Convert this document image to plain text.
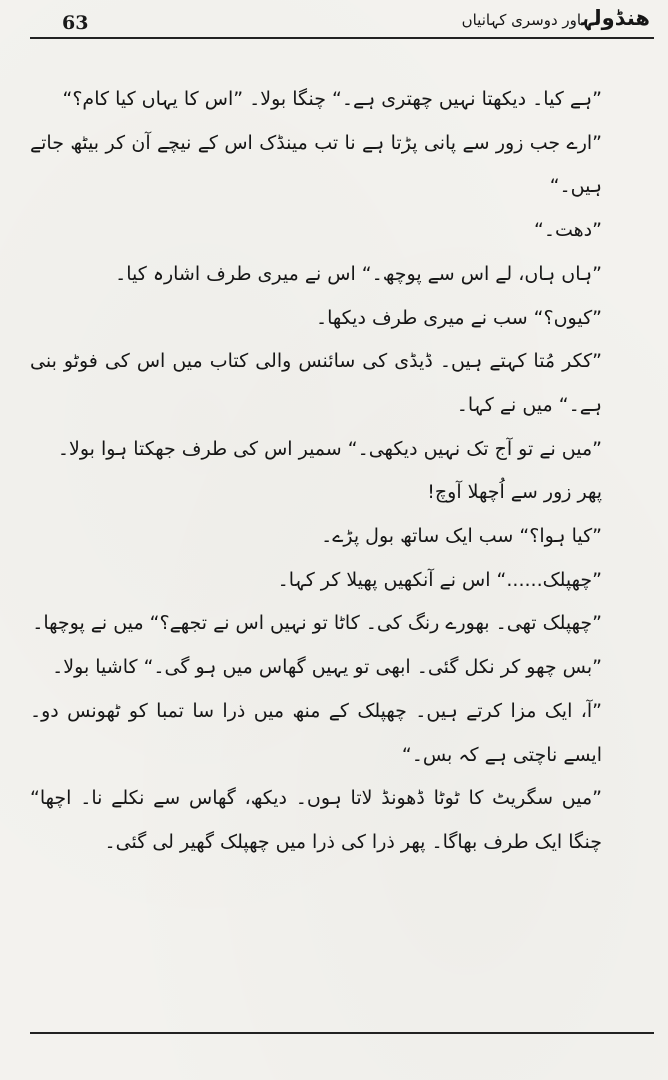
63	ھنڈولہاور دوسری کہانیاں

”ہے کیا۔ دیکھتا نہیں چھتری ہے۔“ چنگا بولا۔ ”اس کا یہاں کیا کام؟“

”ارے جب زور سے پانی پڑتا ہے نا تب مینڈک اس کے نیچے آن کر بیٹھ جاتے ہیں۔“

”دھت۔“

”ہاں ہاں، لے اس سے پوچھ۔“ اس نے میری طرف اشارہ کیا۔

”کیوں؟“ سب نے میری طرف دیکھا۔

”ککر مُتا کہتے ہیں۔ ڈیڈی کی سائنس والی کتاب میں اس کی فوٹو بنی ہے۔“ میں نے کہا۔

”میں نے تو آج تک نہیں دیکھی۔“ سمیر اس کی طرف جھکتا ہوا بولا۔

پھر زور سے اُچھلا آوچ!

”کیا ہوا؟“ سب ایک ساتھ بول پڑے۔

”چھپلک......“ اس نے آنکھیں پھیلا کر کہا۔

”چھپلک تھی۔ بھورے رنگ کی۔ کاٹا تو نہیں اس نے تجھے؟“ میں نے پوچھا۔

”بس چھو کر نکل گئی۔ ابھی تو یہیں گھاس میں ہو گی۔“ کاشیا بولا۔

”آ، ایک مزا کرتے ہیں۔ چھپلک کے منھ میں ذرا سا تمبا کو ٹھونس دو۔ ایسے ناچتی ہے کہ بس۔“

”میں سگریٹ کا ٹوٹا ڈھونڈ لاتا ہوں۔ دیکھ، گھاس سے نکلے نا۔ اچھا“ چنگا ایک طرف بھاگا۔ پھر ذرا کی ذرا میں چھپلک گھیر لی گئی۔
